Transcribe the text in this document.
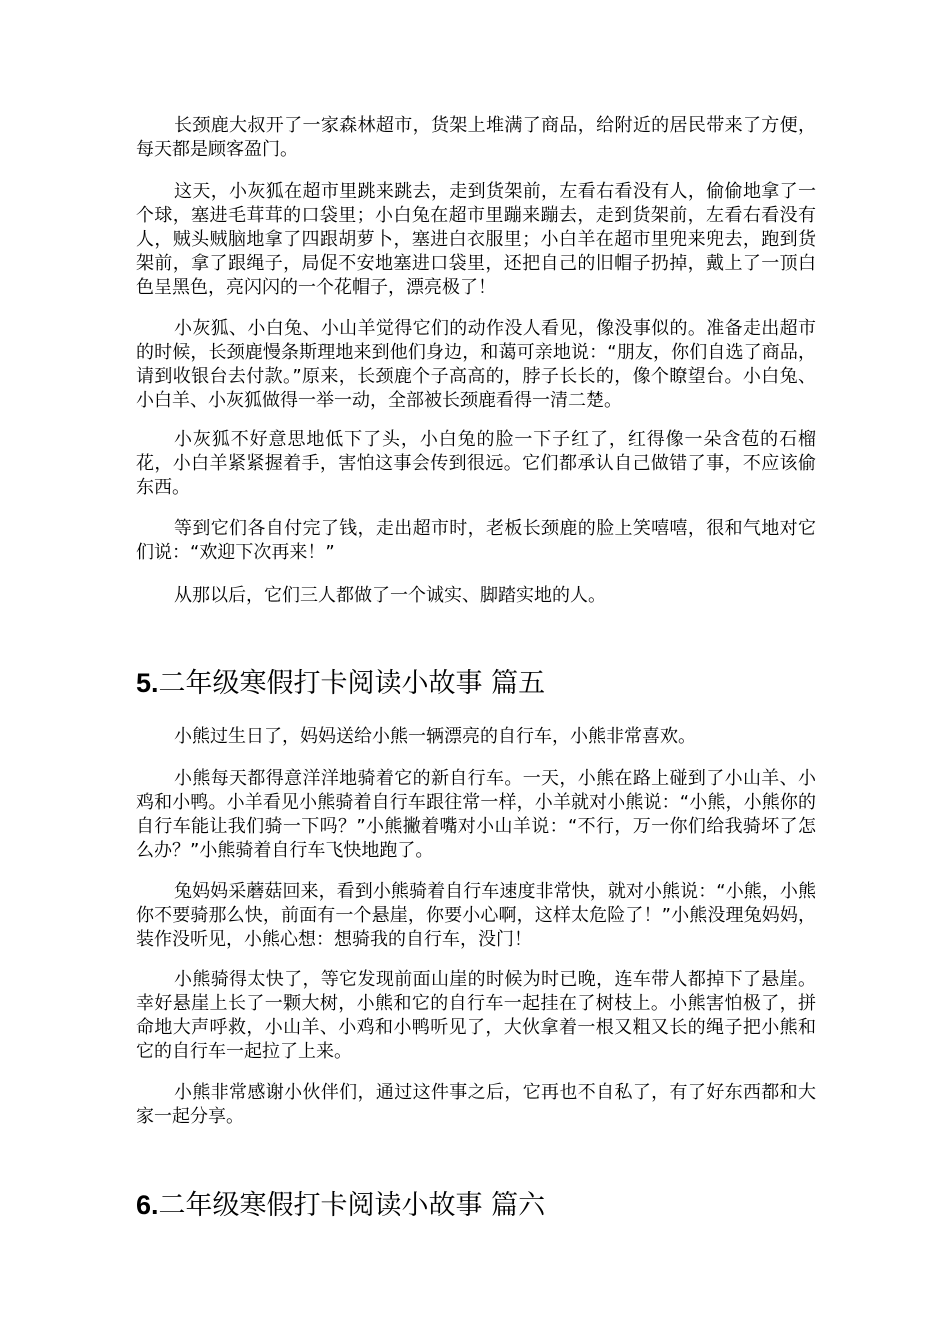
长颈鹿大叔开了一家森林超市，货架上堆满了商品，给附近的居民带来了方便，每天都是顾客盈门。

这天，小灰狐在超市里跳来跳去，走到货架前，左看右看没有人，偷偷地拿了一个球，塞进毛茸茸的口袋里；小白兔在超市里蹦来蹦去，走到货架前，左看右看没有人，贼头贼脑地拿了四跟胡萝卜，塞进白衣服里；小白羊在超市里兜来兜去，跑到货架前，拿了跟绳子，局促不安地塞进口袋里，还把自己的旧帽子扔掉，戴上了一顶白色呈黑色，亮闪闪的一个花帽子，漂亮极了！

小灰狐、小白兔、小山羊觉得它们的动作没人看见，像没事似的。准备走出超市的时候，长颈鹿慢条斯理地来到他们身边，和蔼可亲地说：“朋友，你们自选了商品，请到收银台去付款。”原来，长颈鹿个子高高的，脖子长长的，像个瞭望台。小白兔、小白羊、小灰狐做得一举一动，全部被长颈鹿看得一清二楚。

小灰狐不好意思地低下了头，小白兔的脸一下子红了，红得像一朵含苞的石榴花，小白羊紧紧握着手，害怕这事会传到很远。它们都承认自己做错了事，不应该偷东西。

等到它们各自付完了钱，走出超市时，老板长颈鹿的脸上笑嘻嘻，很和气地对它们说：“欢迎下次再来！”

从那以后，它们三人都做了一个诚实、脚踏实地的人。

5.二年级寒假打卡阅读小故事 篇五

小熊过生日了，妈妈送给小熊一辆漂亮的自行车，小熊非常喜欢。

小熊每天都得意洋洋地骑着它的新自行车。一天，小熊在路上碰到了小山羊、小鸡和小鸭。小羊看见小熊骑着自行车跟往常一样，小羊就对小熊说：“小熊，小熊你的自行车能让我们骑一下吗？”小熊撇着嘴对小山羊说：“不行，万一你们给我骑坏了怎么办？”小熊骑着自行车飞快地跑了。

兔妈妈采蘑菇回来，看到小熊骑着自行车速度非常快，就对小熊说：“小熊，小熊你不要骑那么快，前面有一个悬崖，你要小心啊，这样太危险了！”小熊没理兔妈妈，装作没听见，小熊心想：想骑我的自行车，没门！

小熊骑得太快了，等它发现前面山崖的时候为时已晚，连车带人都掉下了悬崖。幸好悬崖上长了一颗大树，小熊和它的自行车一起挂在了树枝上。小熊害怕极了，拼命地大声呼救，小山羊、小鸡和小鸭听见了，大伙拿着一根又粗又长的绳子把小熊和它的自行车一起拉了上来。

小熊非常感谢小伙伴们，通过这件事之后，它再也不自私了，有了好东西都和大家一起分享。

6.二年级寒假打卡阅读小故事 篇六
